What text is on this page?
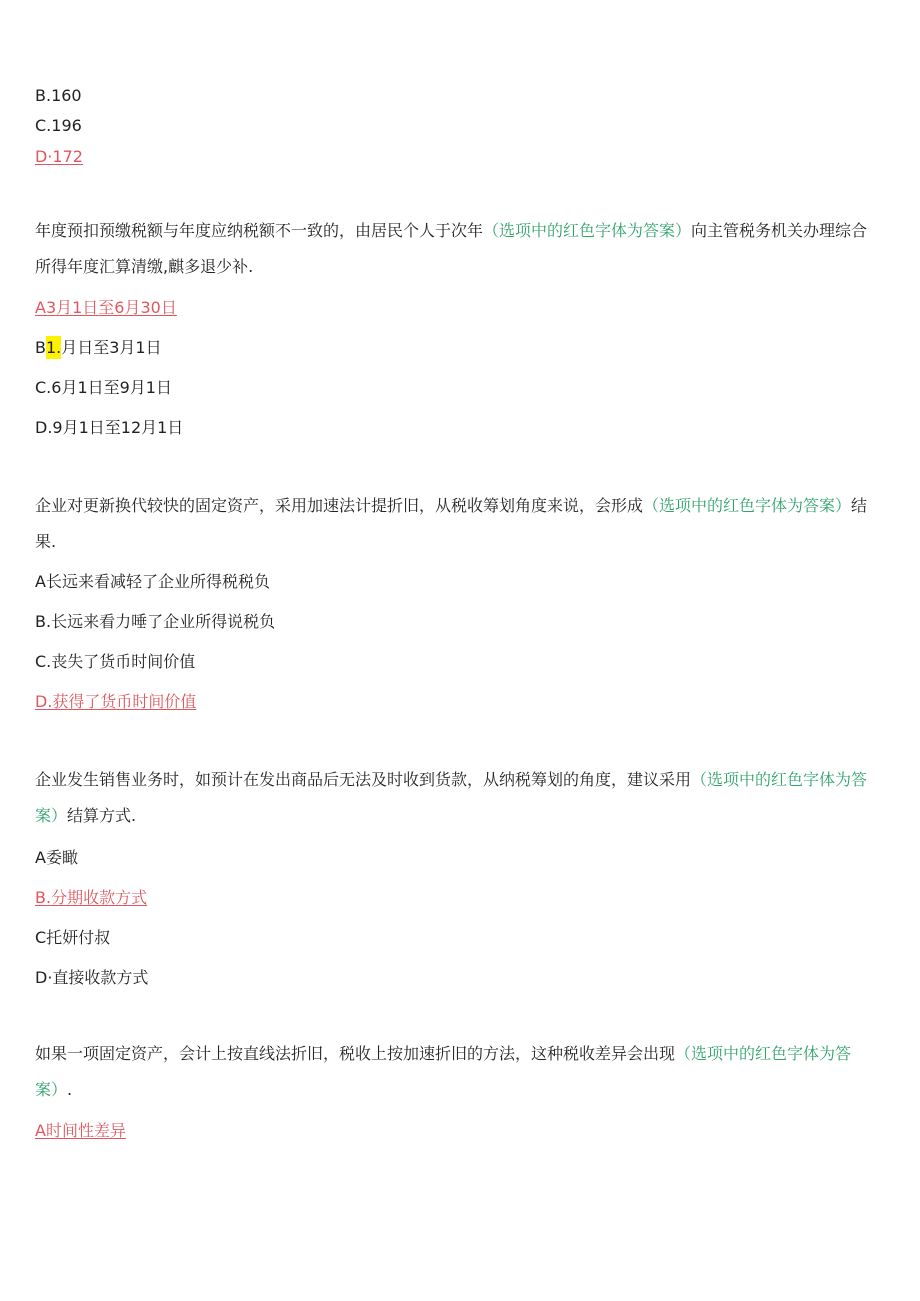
B.160
C.196
D·172
年度预扣预缴税额与年度应纳税额不一致的，由居民个人于次年（选项中的红色字体为答案）向主管税务机关办理综合所得年度汇算清缴,麒多退少补.
A3月1日至6月30日
B1.月日至3月1日
C.6月1日至9月1日
D.9月1日至12月1日
企业对更新换代较快的固定资产，采用加速法计提折旧，从税收筹划角度来说，会形成（选项中的红色字体为答案）结果.
A长远来看减轻了企业所得税税负
B.长远来看力唾了企业所得说税负
C.丧失了货币时间价值
D.获得了货币时间价值
企业发生销售业务时，如预计在发出商品后无法及时收到货款，从纳税筹划的角度，建议采用（选项中的红色字体为答案）结算方式.
A委瞰
B.分期收款方式
C托妍付叔
D·直接收款方式
如果一项固定资产，会计上按直线法折旧，税收上按加速折旧的方法，这种税收差异会出现（选项中的红色字体为答案）.
A时间性差异
